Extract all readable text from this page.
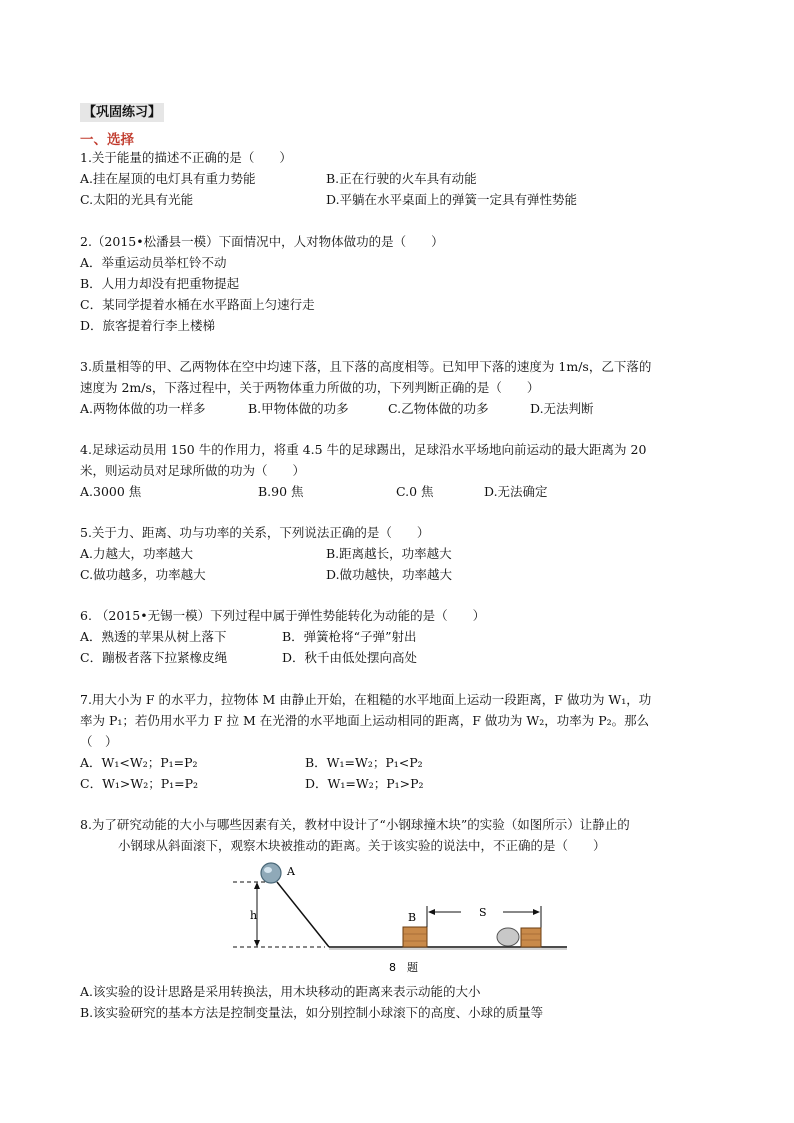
【巩固练习】
一、选择
1.关于能量的描述不正确的是（　　）
A.挂在屋顶的电灯具有重力势能	B.正在行驶的火车具有动能
C.太阳的光具有光能	D.平躺在水平桌面上的弹簧一定具有弹性势能
2.（2015•松潘县一模）下面情况中，人对物体做功的是（　　）
A．举重运动员举杠铃不动
B．人用力却没有把重物提起
C．某同学提着水桶在水平路面上匀速行走
D．旅客提着行李上楼梯
3.质量相等的甲、乙两物体在空中均速下落，且下落的高度相等。已知甲下落的速度为 1m/s，乙下落的
速度为 2m/s，下落过程中，关于两物体重力所做的功，下列判断正确的是（　　）
A.两物体做的功一样多	B.甲物体做的功多	C.乙物体做的功多	D.无法判断
4.足球运动员用 150 牛的作用力，将重 4.5 牛的足球踢出，足球沿水平场地向前运动的最大距离为 20
米，则运动员对足球所做的功为（　　）
A.3000 焦	B.90 焦	C.0 焦	D.无法确定
5.关于力、距离、功与功率的关系，下列说法正确的是（　　）
A.力越大，功率越大	B.距离越长，功率越大
C.做功越多，功率越大	D.做功越快，功率越大
6. （2015•无锡一模）下列过程中属于弹性势能转化为动能的是（　　）
A．熟透的苹果从树上落下	B．弹簧枪将“子弹”射出
C．蹦极者落下拉紧橡皮绳	D．秋千由低处摆向高处
7.用大小为 F 的水平力，拉物体 M 由静止开始，在粗糙的水平地面上运动一段距离，F 做功为 W₁，功
率为 P₁；若仍用水平力 F 拉 M 在光滑的水平地面上运动相同的距离，F 做功为 W₂，功率为 P₂。那么
（　）
A．W₁<W₂；P₁=P₂	B．W₁=W₂；P₁<P₂
C．W₁>W₂；P₁=P₂	D．W₁=W₂；P₁>P₂
8.为了研究动能的大小与哪些因素有关，教材中设计了“小钢球撞木块”的实验（如图所示）让静止的
小钢球从斜面滚下，观察木块被推动的距离。关于该实验的说法中，不正确的是（　　）
h
A
B	S
8　题
A.该实验的设计思路是采用转换法，用木块移动的距离来表示动能的大小
B.该实验研究的基本方法是控制变量法，如分别控制小球滚下的高度、小球的质量等
